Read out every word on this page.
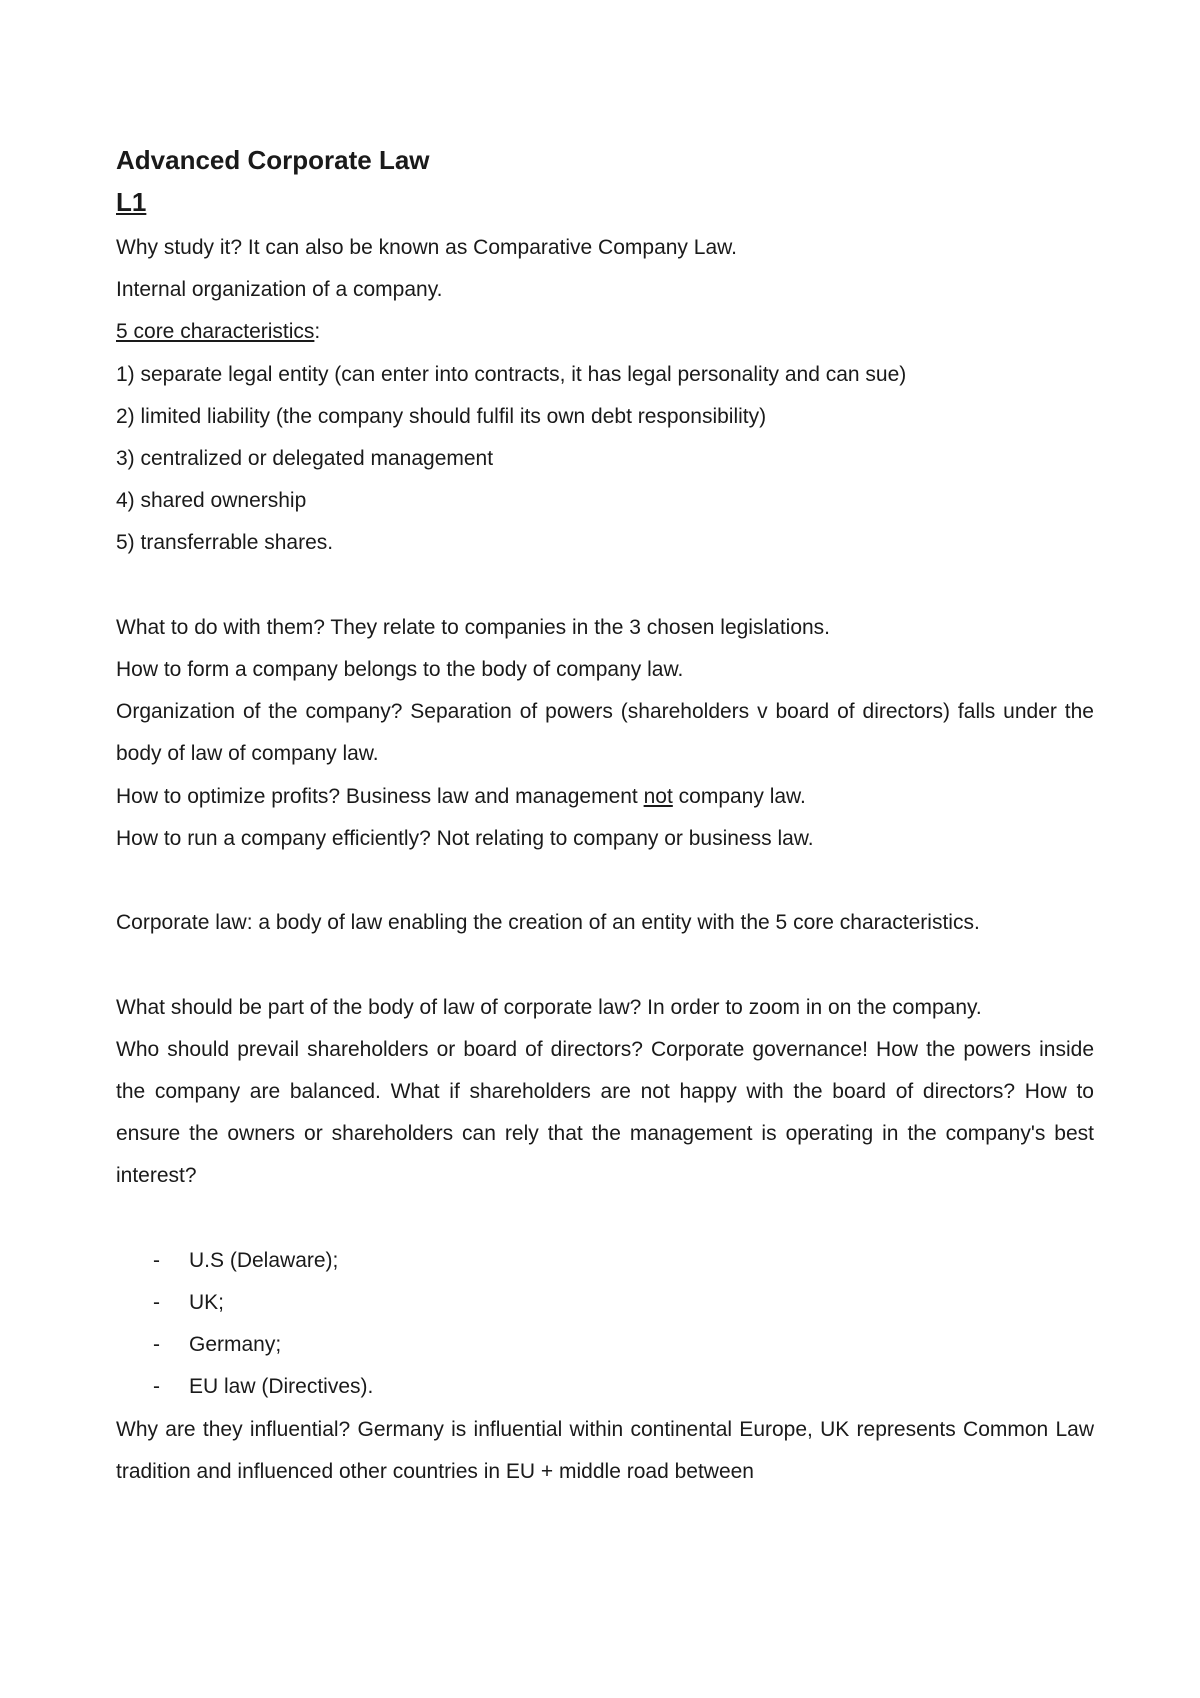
Advanced Corporate Law
L1
Why study it? It can also be known as Comparative Company Law.
Internal organization of a company.
5 core characteristics:
1) separate legal entity (can enter into contracts, it has legal personality and can sue)
2) limited liability (the company should fulfil its own debt responsibility)
3) centralized or delegated management
4) shared ownership
5) transferrable shares.
What to do with them? They relate to companies in the 3 chosen legislations.
How to form a company belongs to the body of company law.
Organization of the company? Separation of powers (shareholders v board of directors) falls under the body of law of company law.
How to optimize profits? Business law and management not company law.
How to run a company efficiently? Not relating to company or business law.
Corporate law: a body of law enabling the creation of an entity with the 5 core characteristics.
What should be part of the body of law of corporate law? In order to zoom in on the company.
Who should prevail shareholders or board of directors? Corporate governance! How the powers inside the company are balanced. What if shareholders are not happy with the board of directors? How to ensure the owners or shareholders can rely that the management is operating in the company's best interest?
- U.S (Delaware);
- UK;
- Germany;
- EU law (Directives).
Why are they influential? Germany is influential within continental Europe, UK represents Common Law tradition and influenced other countries in EU + middle road between
